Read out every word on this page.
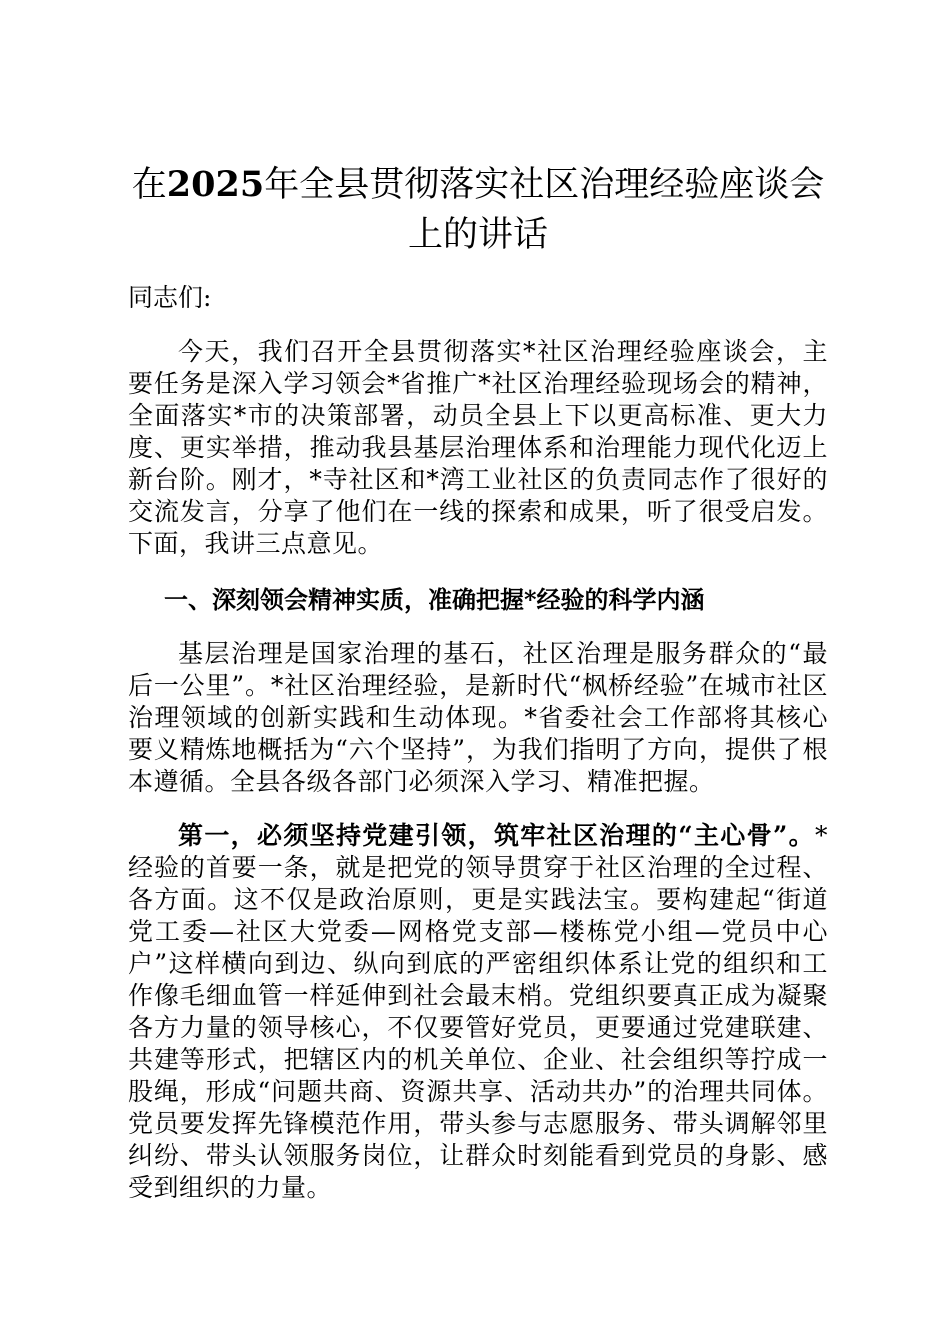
在2025年全县贯彻落实社区治理经验座谈会上的讲话

同志们:

今天，我们召开全县贯彻落实*社区治理经验座谈会，主要任务是深入学习领会*省推广*社区治理经验现场会的精神，全面落实*市的决策部署，动员全县上下以更高标准、更大力度、更实举措，推动我县基层治理体系和治理能力现代化迈上新台阶。刚才，*寺社区和*湾工业社区的负责同志作了很好的交流发言，分享了他们在一线的探索和成果，听了很受启发。下面，我讲三点意见。

一、深刻领会精神实质，准确把握*经验的科学内涵

基层治理是国家治理的基石，社区治理是服务群众的“最后一公里”。*社区治理经验，是新时代“枫桥经验”在城市社区治理领域的创新实践和生动体现。*省委社会工作部将其核心要义精炼地概括为“六个坚持”，为我们指明了方向，提供了根本遵循。全县各级各部门必须深入学习、精准把握。

第一，必须坚持党建引领，筑牢社区治理的“主心骨”。*经验的首要一条，就是把党的领导贯穿于社区治理的全过程、各方面。这不仅是政治原则，更是实践法宝。要构建起“街道党工委—社区大党委—网格党支部—楼栋党小组—党员中心户”这样横向到边、纵向到底的严密组织体系让党的组织和工作像毛细血管一样延伸到社会最末梢。党组织要真正成为凝聚各方力量的领导核心，不仅要管好党员，更要通过党建联建、共建等形式，把辖区内的机关单位、企业、社会组织等拧成一股绳，形成“问题共商、资源共享、活动共办”的治理共同体。党员要发挥先锋模范作用，带头参与志愿服务、带头调解邻里纠纷、带头认领服务岗位，让群众时刻能看到党员的身影、感受到组织的力量。
